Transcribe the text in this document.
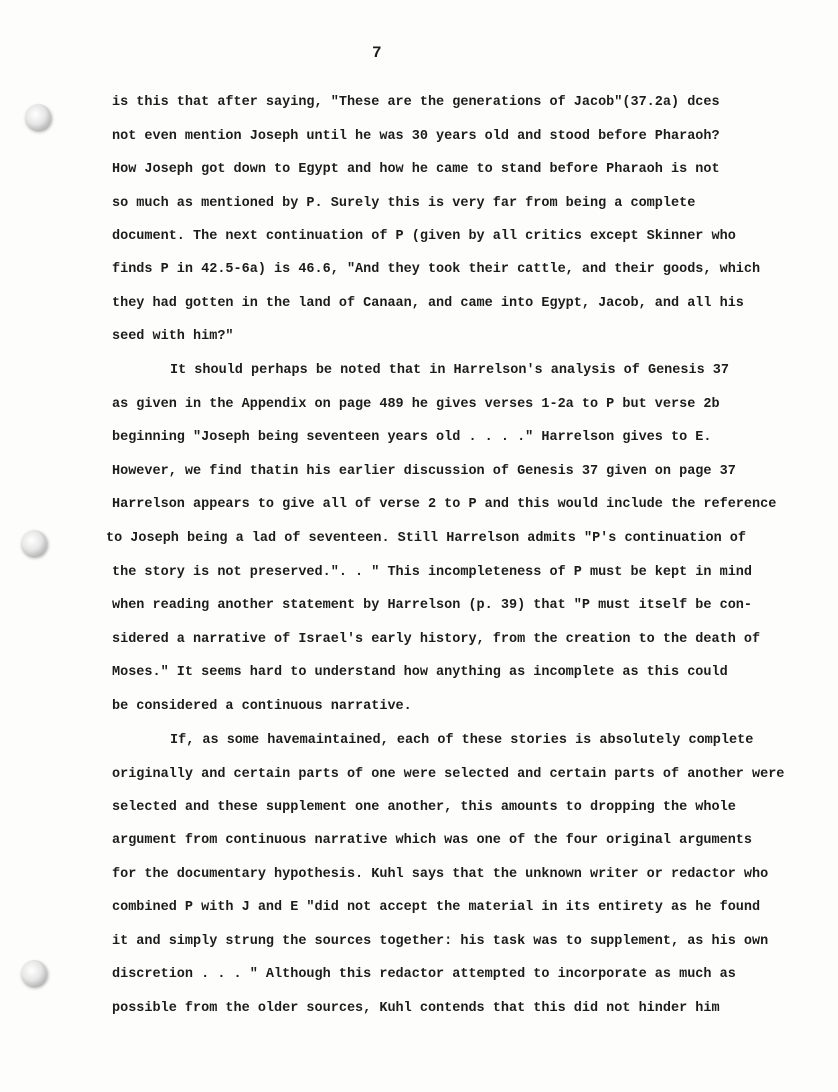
7
is this that after saying, "These are the generations of Jacob"(37.2a) dces
not even mention Joseph until he was 30 years old and stood before Pharaoh?
How Joseph got down to Egypt and how he came to stand before Pharaoh is not
so much as mentioned by P. Surely this is very far from being a complete
document. The next continuation of P (given by all critics except Skinner who
finds P in 42.5-6a) is 46.6, "And they took their cattle, and their goods, which
they had gotten in the land of Canaan, and came into Egypt, Jacob, and all his
seed with him?"
It should perhaps be noted that in Harrelson's analysis of Genesis 37
as given in the Appendix on page 489 he gives verses 1-2a to P but verse 2b
beginning "Joseph being seventeen years old . . . ." Harrelson gives to E.
However, we find thatin his earlier discussion of Genesis 37 given on page 37
Harrelson appears to give all of verse 2 to P and this would include the reference
to Joseph being a lad of seventeen. Still Harrelson admits "P's continuation of
the story is not preserved.". . " This incompleteness of P must be kept in mind
when reading another statement by Harrelson (p. 39) that "P must itself be con-
sidered a narrative of Israel's early history, from the creation to the death of
Moses." It seems hard to understand how anything as incomplete as this could
be considered a continuous narrative.
If, as some havemaintained, each of these stories is absolutely complete
originally and certain parts of one were selected and certain parts of another were
selected and these supplement one another, this amounts to dropping the whole
argument from continuous narrative which was one of the four original arguments
for the documentary hypothesis. Kuhl says that the unknown writer or redactor who
combined P with J and E "did not accept the material in its entirety as he found
it and simply strung the sources together: his task was to supplement, as his own
discretion . . . " Although this redactor attempted to incorporate as much as
possible from the older sources, Kuhl contends that this did not hinder him
